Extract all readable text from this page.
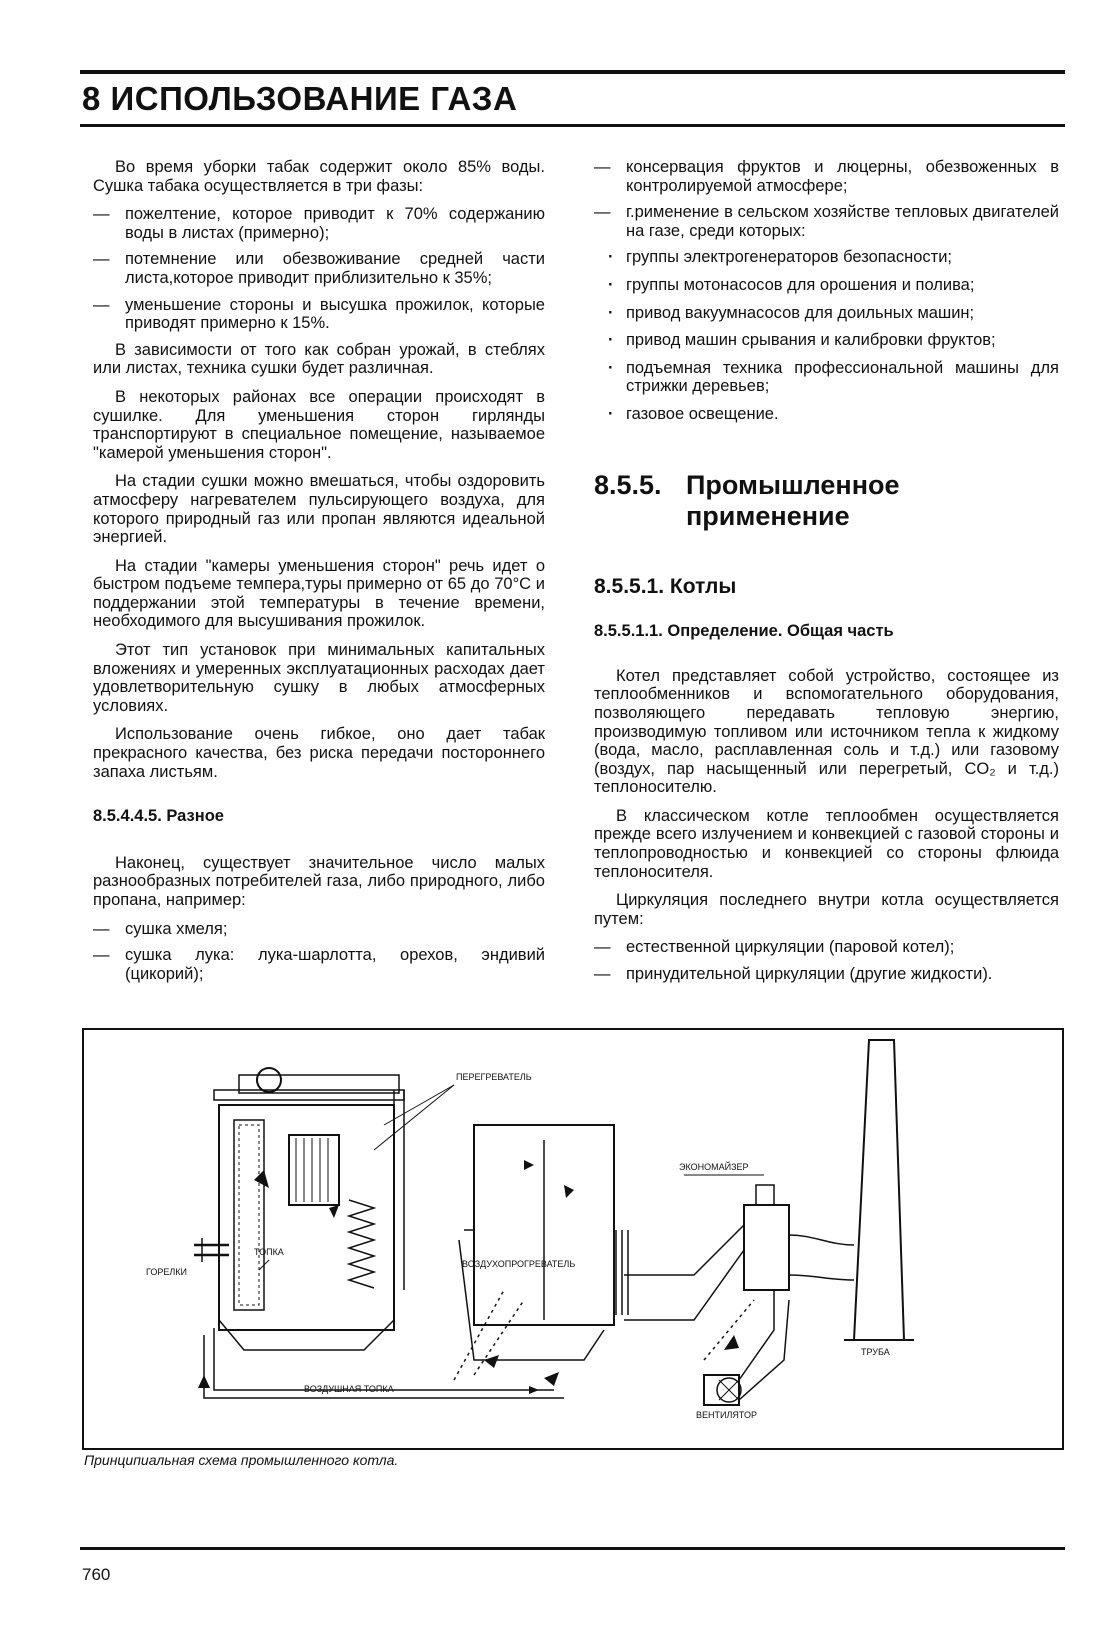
8 ИСПОЛЬЗОВАНИЕ ГАЗА

Во время уборки табак содержит около 85% воды. Сушка табака осуществляется в три фазы:

— пожелтение, которое приводит к 70% содержанию воды в листах (примерно);
— потемнение или обезвоживание средней части листа,которое приводит приблизительно к 35%;
— уменьшение стороны и высушка прожилок, которые приводят примерно к 15%.

В зависимости от того как собран урожай, в стеблях или листах, техника сушки будет различная.

В некоторых районах все операции происходят в сушилке. Для уменьшения сторон гирлянды транспортируют в специальное помещение, называемое "камерой уменьшения сторон".

На стадии сушки можно вмешаться, чтобы оздоровить атмосферу нагревателем пульсирующего воздуха, для которого природный газ или пропан являются идеальной энергией.

На стадии "камеры уменьшения сторон" речь идет о быстром подъеме темпера,туры примерно от 65 до 70°С и поддержании этой температуры в течение времени, необходимого для высушивания прожилок.

Этот тип установок при минимальных капитальных вложениях и умеренных эксплуатационных расходах дает удовлетворительную сушку в любых атмосферных условиях.

Использование очень гибкое, оно дает табак прекрасного качества, без риска передачи постороннего запаха листьям.

8.5.4.4.5. Разное

Наконец, существует значительное число малых разнообразных потребителей газа, либо природного, либо пропана, например:

— сушка хмеля;
— сушка лука: лука-шарлотта, орехов, эндивий (цикорий);
— консервация фруктов и люцерны, обезвоженных в контролируемой атмосфере;
— г.рименение в сельском хозяйстве тепловых двигателей на газе, среди которых:
· группы электрогенераторов безопасности;
· группы мотонасосов для орошения и полива;
· привод вакуумнасосов для доильных машин;
· привод машин срывания и калибровки фруктов;
· подъемная техника профессиональной машины для стрижки деревьев;
· газовое освещение.
8.5.5. Промышленное
применение
8.5.5.1. Котлы
8.5.5.1.1. Определение. Общая часть

Котел представляет собой устройство, состоящее из теплообменников и вспомогательного оборудования, позволяющего передавать тепловую энергию, производимую топливом или источником тепла к жидкому (вода, масло, расплавленная соль и т.д.) или газовому (воздух, пар насыщенный или перегретый, CO₂ и т.д.) теплоносителю.

В классическом котле теплообмен осуществляется прежде всего излучением и конвекцией с газовой стороны и теплопроводностью и конвекцией со стороны флюида теплоносителя.

Циркуляция последнего внутри котла осуществляется путем:

— естественной циркуляции (паровой котел);
— принудительной циркуляции (другие жидкости).
ПЕРЕГРЕВАТЕЛЬ
ЭКОНОМАЙЗЕР
ТОПКА
ГОРЕЛКИ
ВОЗДУХОПРОГРЕВАТЕЛЬ
ТРУБА
ВОЗДУШНАЯ ТОПКА
ВЕНТИЛЯТОР
Принципиальная схема промышленного котла.
760
